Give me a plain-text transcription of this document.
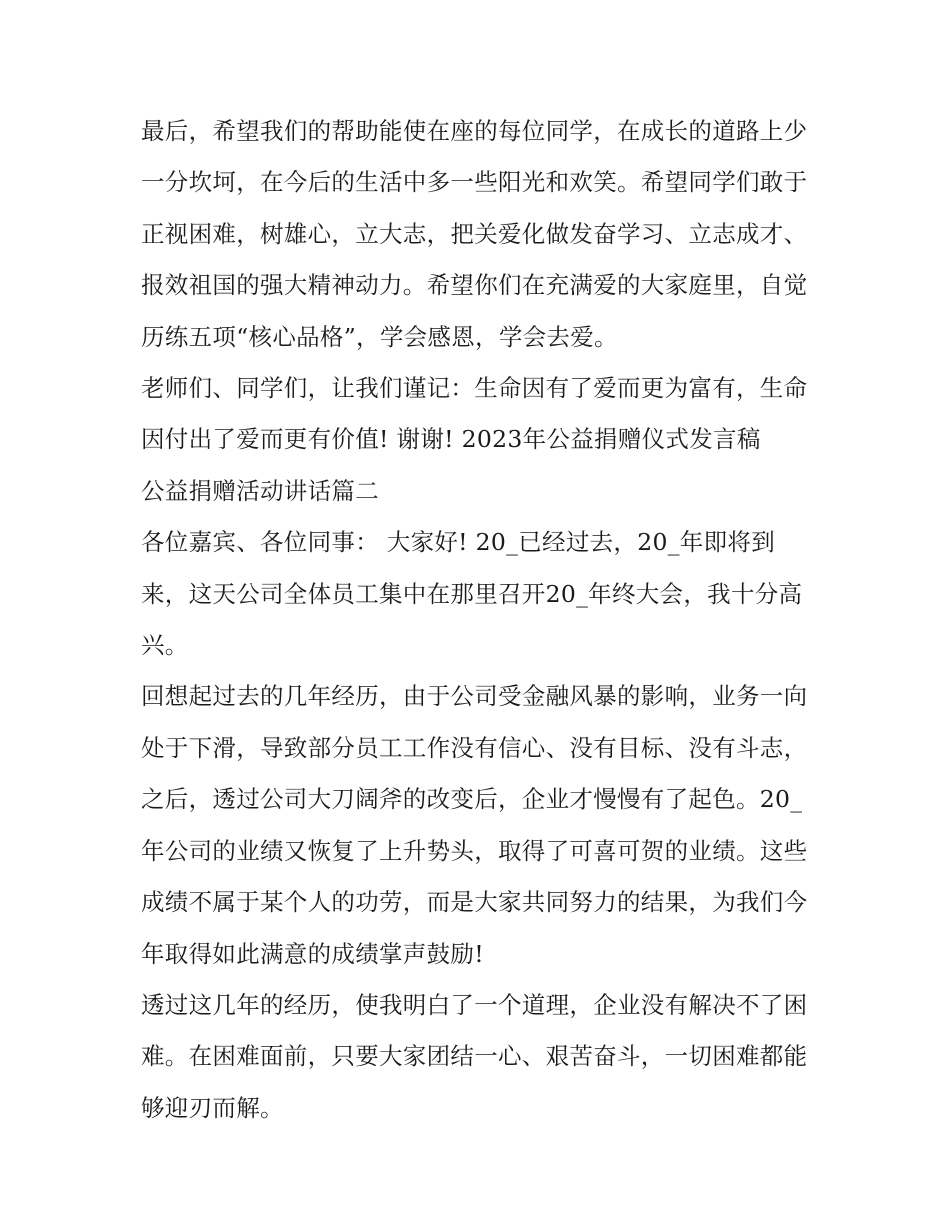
最后，希望我们的帮助能使在座的每位同学，在成长的道路上少一分坎坷，在今后的生活中多一些阳光和欢笑。希望同学们敢于正视困难，树雄心，立大志，把关爱化做发奋学习、立志成才、报效祖国的强大精神动力。希望你们在充满爱的大家庭里，自觉历练五项“核心品格”，学会感恩，学会去爱。

老师们、同学们，让我们谨记：生命因有了爱而更为富有，生命因付出了爱而更有价值! 谢谢! 2023年公益捐赠仪式发言稿

公益捐赠活动讲话篇二

各位嘉宾、各位同事： 大家好! 20_已经过去，20_年即将到来，这天公司全体员工集中在那里召开20_年终大会，我十分高兴。

回想起过去的几年经历，由于公司受金融风暴的影响，业务一向处于下滑，导致部分员工工作没有信心、没有目标、没有斗志，之后，透过公司大刀阔斧的改变后，企业才慢慢有了起色。20_年公司的业绩又恢复了上升势头，取得了可喜可贺的业绩。这些成绩不属于某个人的功劳，而是大家共同努力的结果，为我们今年取得如此满意的成绩掌声鼓励!

透过这几年的经历，使我明白了一个道理，企业没有解决不了困难。在困难面前，只要大家团结一心、艰苦奋斗，一切困难都能够迎刃而解。
